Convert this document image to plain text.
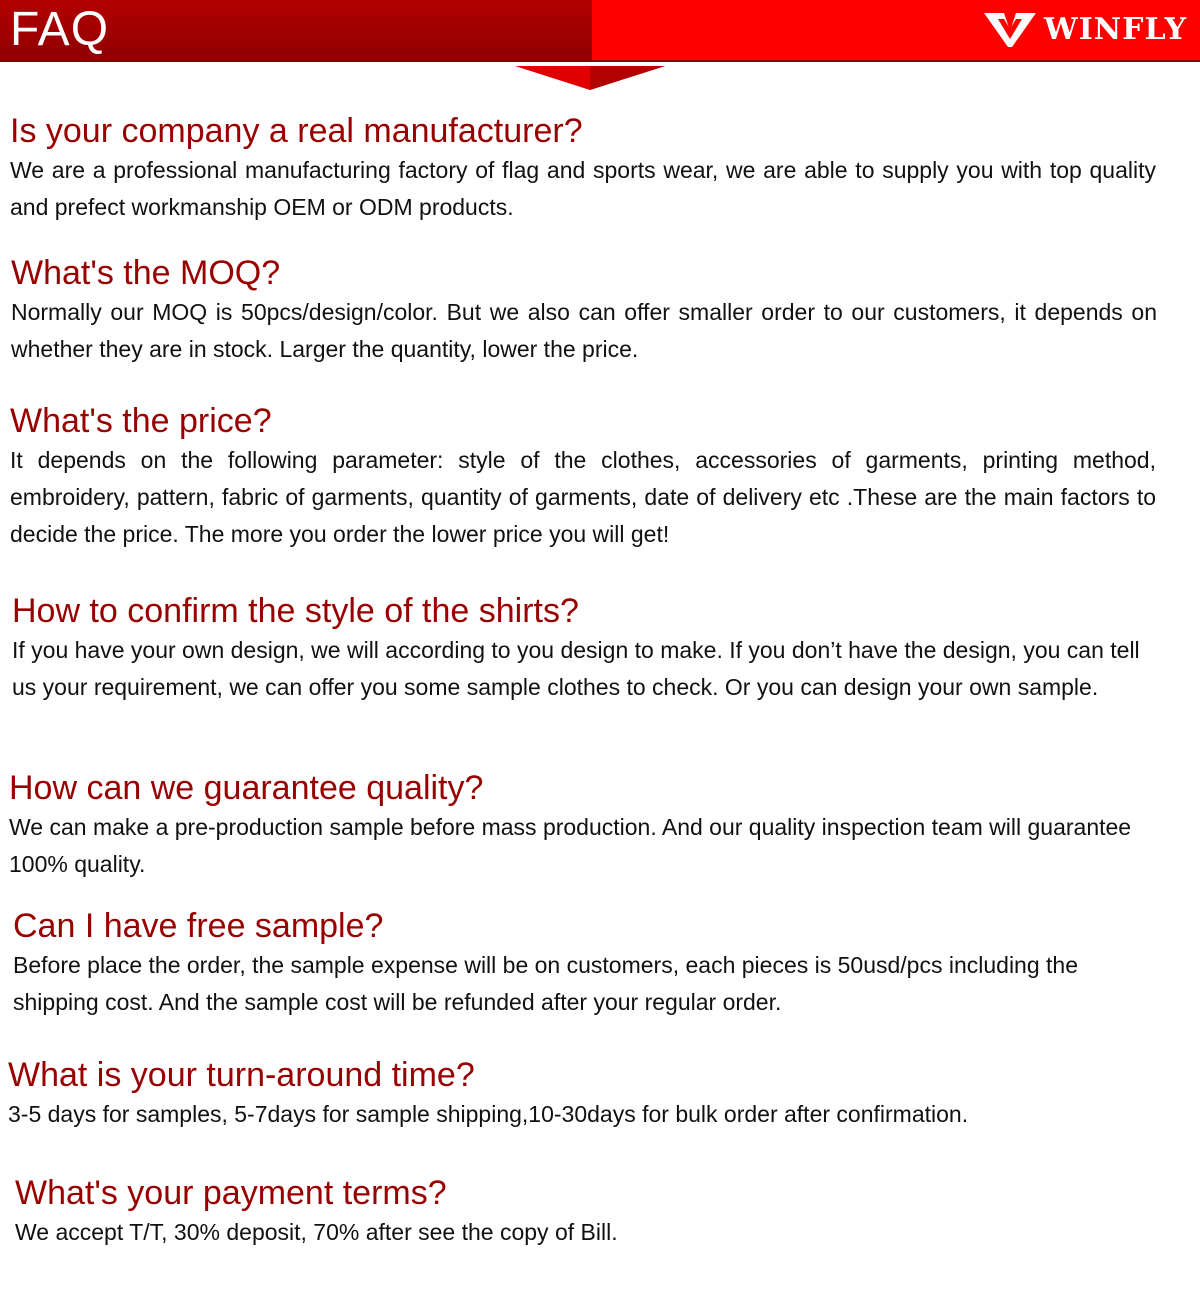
FAQ	WINFLY
Is your company a real manufacturer?

We are a professional manufacturing factory of flag and sports wear, we are able to supply you with top quality and prefect workmanship OEM or ODM products.

What's the MOQ?

Normally our MOQ is 50pcs/design/color. But we also can offer smaller order to our customers, it depends on whether they are in stock. Larger the quantity, lower the price.

What's the price?

It depends on the following parameter: style of the clothes, accessories of garments, printing method, embroidery, pattern, fabric of garments, quantity of garments, date of delivery etc .These are the main factors to decide the price. The more you order the lower price you will get!

How to confirm the style of the shirts?

If you have your own design, we will according to you design to make. If you don’t have the design, you can tell us your requirement, we can offer you some sample clothes to check. Or you can design your own sample.

How can we guarantee quality?

We can make a pre-production sample before mass production. And our quality inspection team will guarantee 100% quality.

Can I have free sample?

Before place the order, the sample expense will be on customers, each pieces is 50usd/pcs including the shipping cost. And the sample cost will be refunded after your regular order.

What is your turn-around time?

3-5 days for samples, 5-7days for sample shipping,10-30days for bulk order after confirmation.

What's your payment terms?

We accept T/T, 30% deposit, 70% after see the copy of Bill.
